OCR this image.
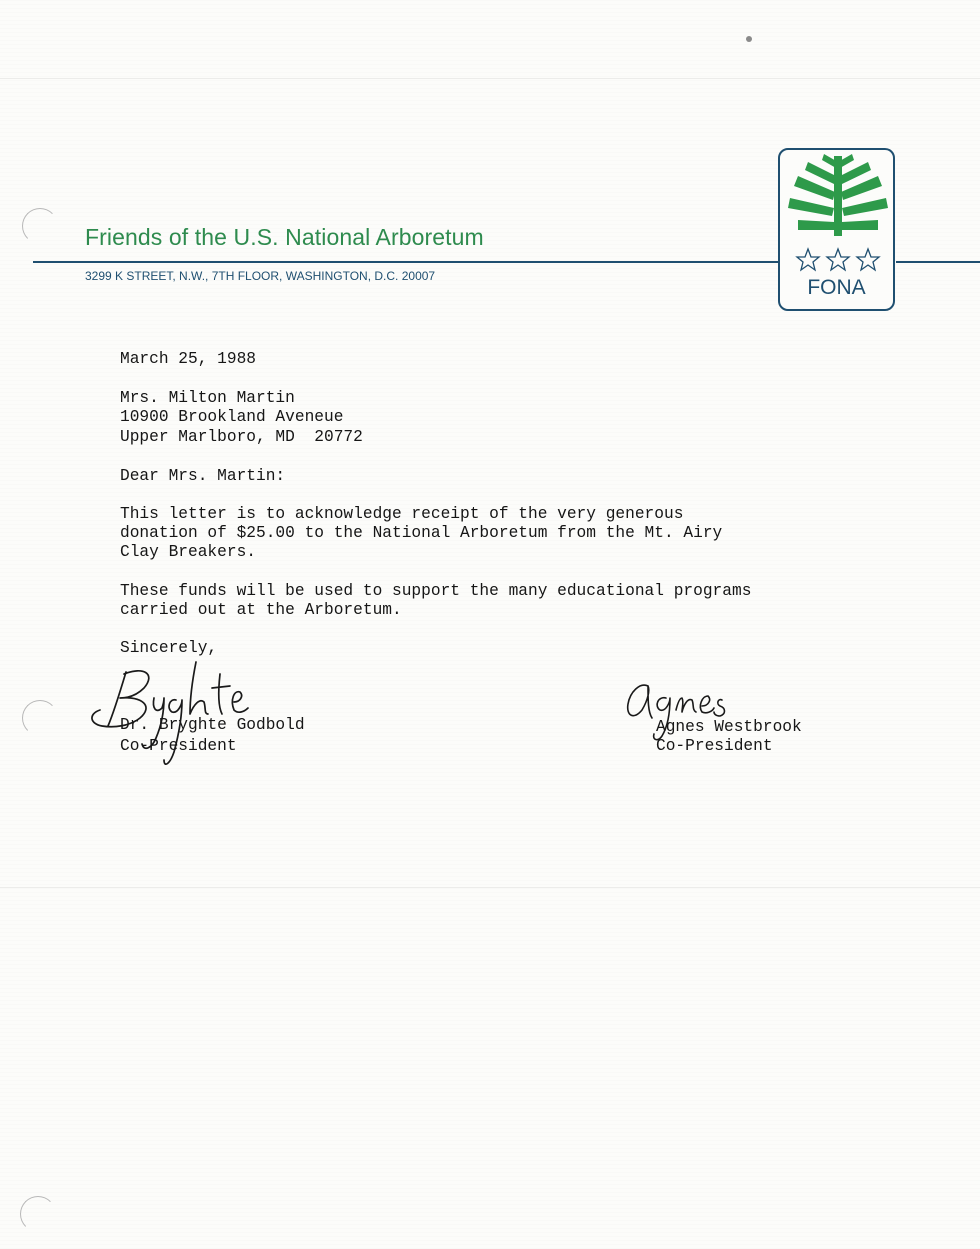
Friends of the U.S. National Arboretum

3299 K STREET, N.W., 7TH FLOOR, WASHINGTON, D.C. 20007	FONA

March 25, 1988

Mrs. Milton Martin

10900 Brookland Aveneue

Upper Marlboro, MD  20772

Dear Mrs. Martin:

This letter is to acknowledge receipt of the very generous

donation of $25.00 to the National Arboretum from the Mt. Airy

Clay Breakers.

These funds will be used to support the many educational programs

carried out at the Arboretum.

Sincerely,

Dr. Bryghte Godbold

Co-President

Agnes Westbrook

Co-President
